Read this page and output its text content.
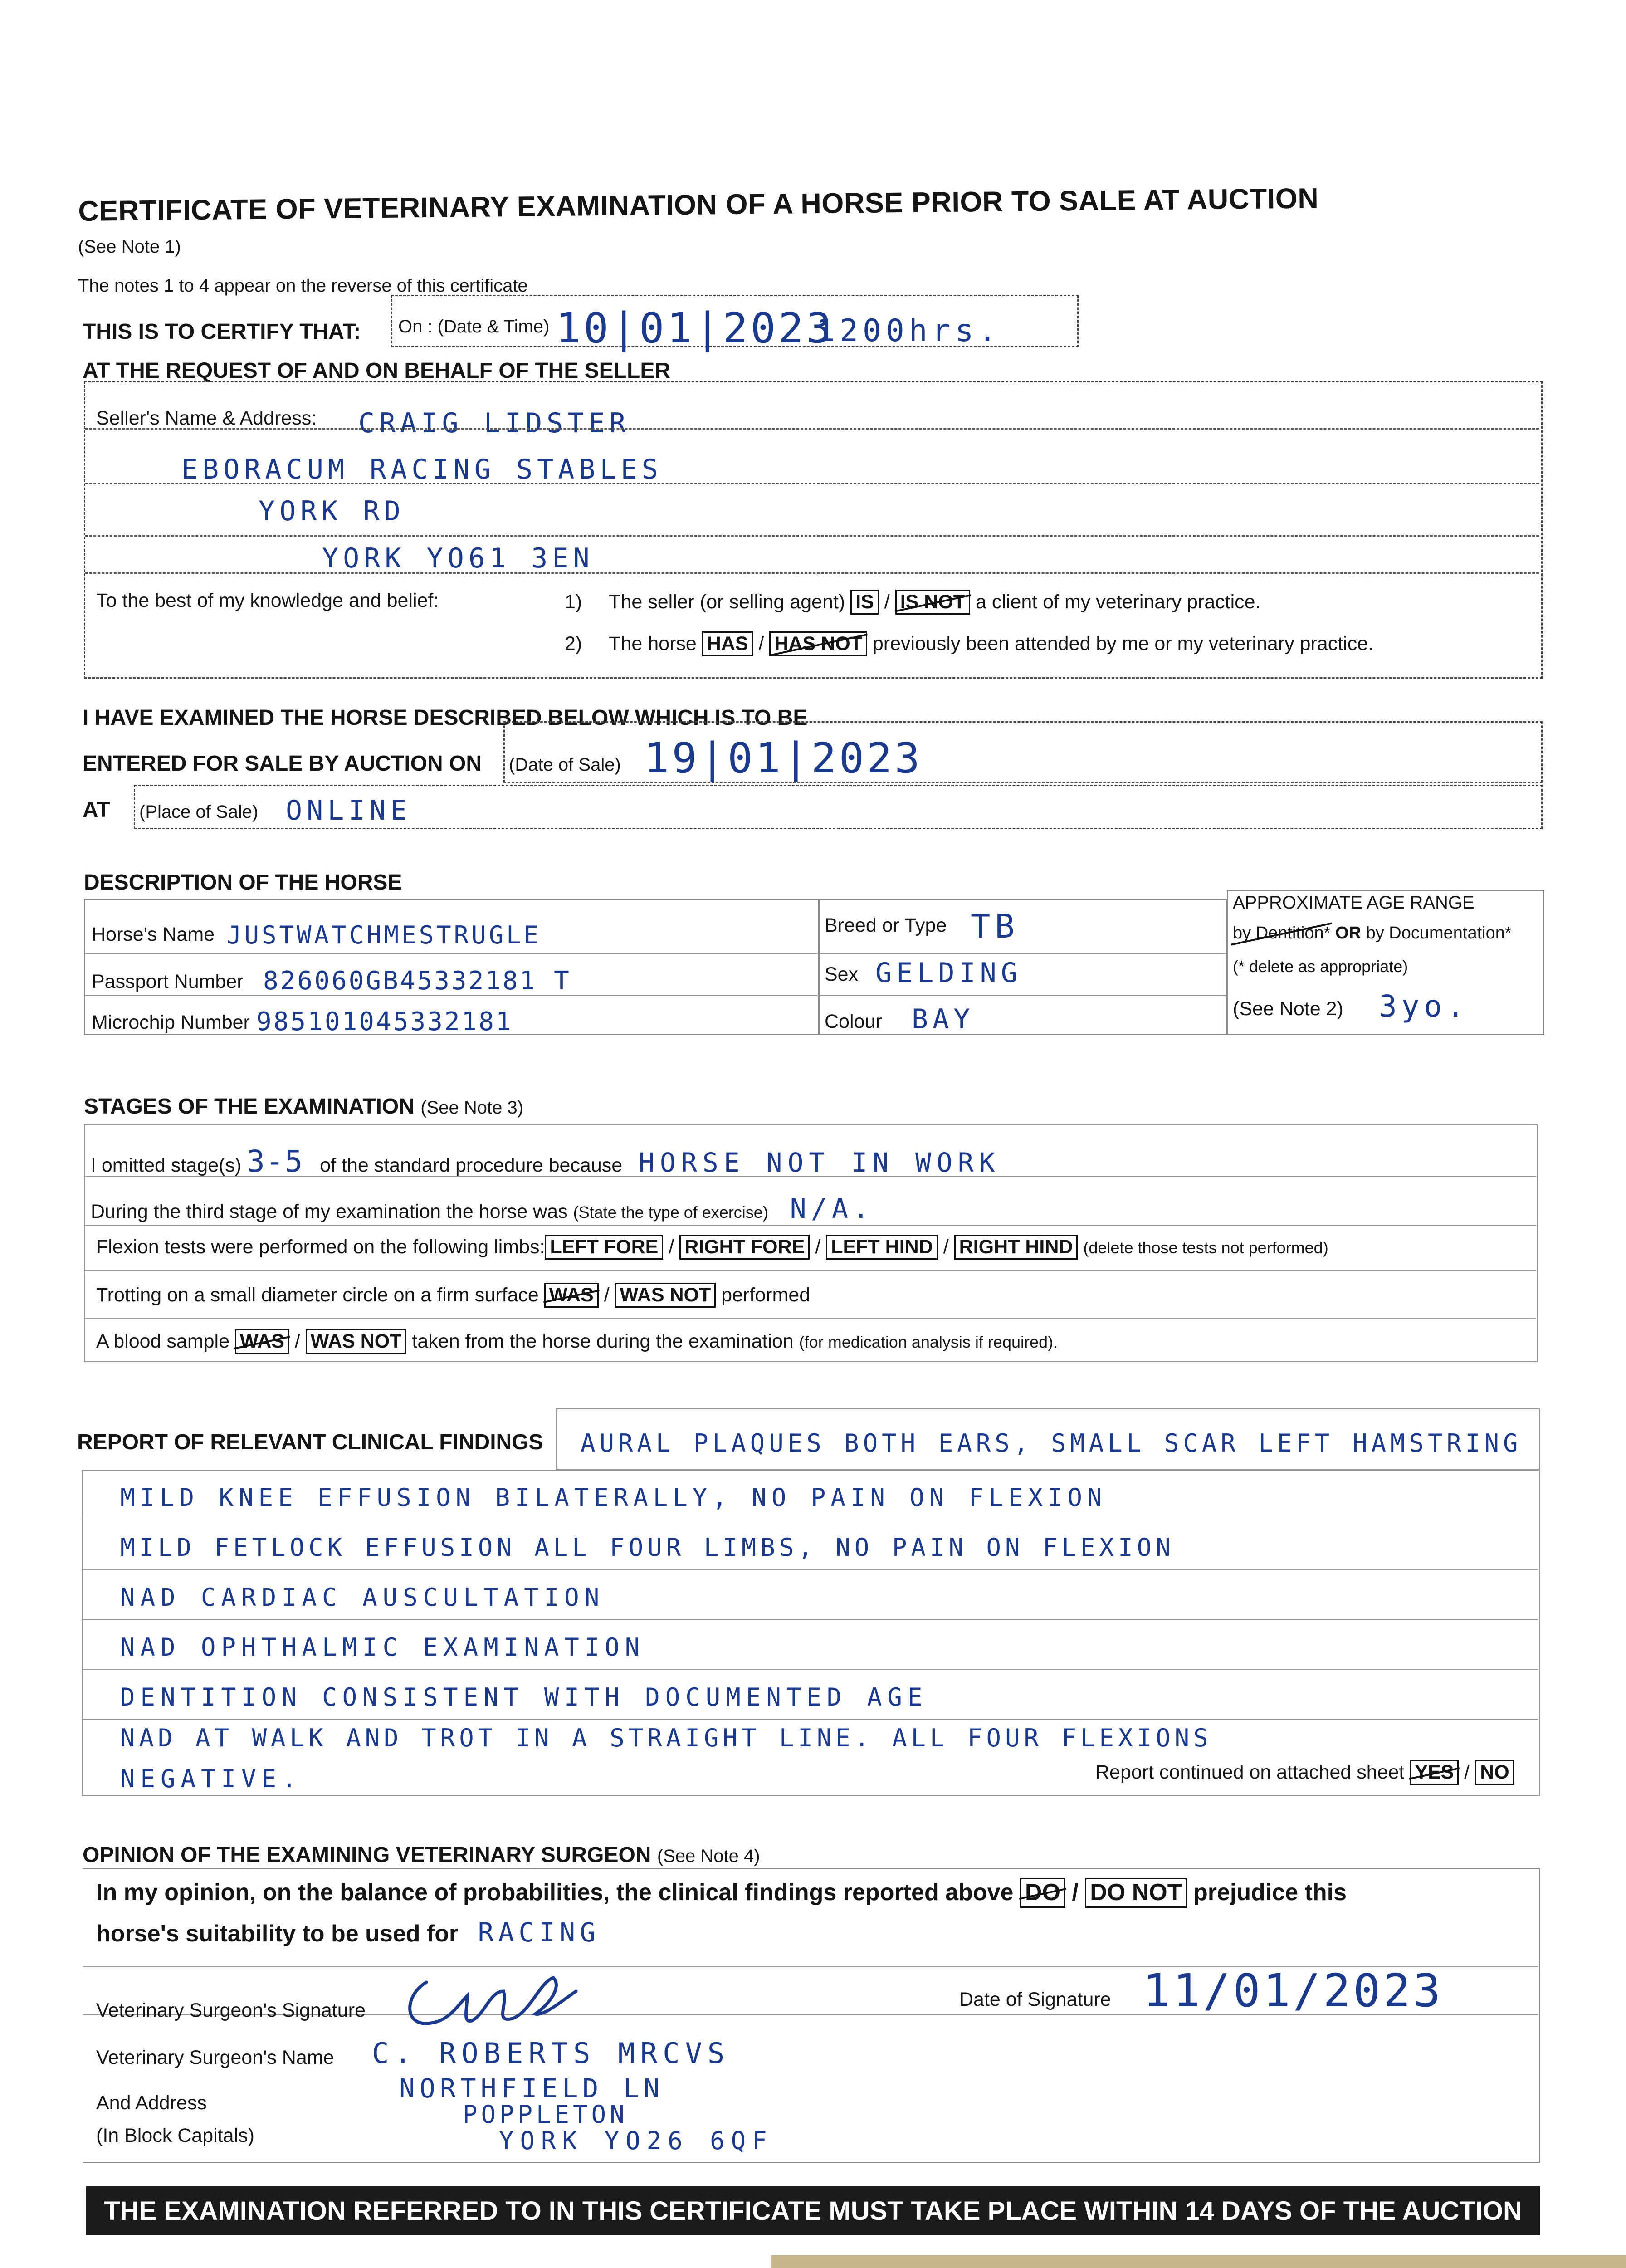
CERTIFICATE OF VETERINARY EXAMINATION OF A HORSE PRIOR TO SALE AT AUCTION
(See Note 1)
The notes 1 to 4 appear on the reverse of this certificate
THIS IS TO CERTIFY THAT: On : (Date & Time) 10|01|2023
1200hrs.
AT THE REQUEST OF AND ON BEHALF OF THE SELLER
Seller's Name & Address: CRAIG LIDSTER
EBORACUM RACING STABLES
YORK RD
YORK YO61 3EN
To the best of my knowledge and belief:	1) The seller (or selling agent) IS / IS NOT a client of my veterinary practice.
2) The horse HAS / HAS NOT previously been attended by me or my veterinary practice.
I HAVE EXAMINED THE HORSE DESCRIBED BELOW WHICH IS TO BE
ENTERED FOR SALE BY AUCTION ON (Date of Sale) 19|01|2023
AT (Place of Sale) ONLINE
DESCRIPTION OF THE HORSE
Horse's Name JUSTWATCHMESTRUGLE
Passport Number 826060GB45332181 T
Microchip Number 985101045332181
Breed or Type TB
Sex GELDING
Colour BAY
APPROXIMATE AGE RANGE
by Dentition* OR by Documentation*
(* delete as appropriate)
(See Note 2) 3yo.
STAGES OF THE EXAMINATION (See Note 3)
I omitted stage(s) 3-5 of the standard procedure because HORSE NOT IN WORK
During the third stage of my examination the horse was (State the type of exercise) N/A.
Flexion tests were performed on the following limbs: LEFT FORE / RIGHT FORE / LEFT HIND / RIGHT HIND (delete those tests not performed)
Trotting on a small diameter circle on a firm surface WAS / WAS NOT performed
A blood sample WAS / WAS NOT taken from the horse during the examination (for medication analysis if required).
REPORT OF RELEVANT CLINICAL FINDINGS AURAL PLAQUES BOTH EARS, SMALL SCAR LEFT HAMSTRING
MILD KNEE EFFUSION BILATERALLY, NO PAIN ON FLEXION
MILD FETLOCK EFFUSION ALL FOUR LIMBS, NO PAIN ON FLEXION
NAD CARDIAC AUSCULTATION
NAD OPHTHALMIC EXAMINATION
DENTITION CONSISTENT WITH DOCUMENTED AGE
NAD AT WALK AND TROT IN A STRAIGHT LINE. ALL FOUR FLEXIONS
NEGATIVE.	Report continued on attached sheet YES / NO
OPINION OF THE EXAMINING VETERINARY SURGEON (See Note 4)
In my opinion, on the balance of probabilities, the clinical findings reported above DO / DO NOT prejudice this
horse's suitability to be used for RACING
Veterinary Surgeon's Signature	Date of Signature 11/01/2023
Veterinary Surgeon's Name C. ROBERTS MRCVS
And Address
(In Block Capitals)
NORTHFIELD LN
POPPLETON
YORK YO26 6QF
THE EXAMINATION REFERRED TO IN THIS CERTIFICATE MUST TAKE PLACE WITHIN 14 DAYS OF THE AUCTION
